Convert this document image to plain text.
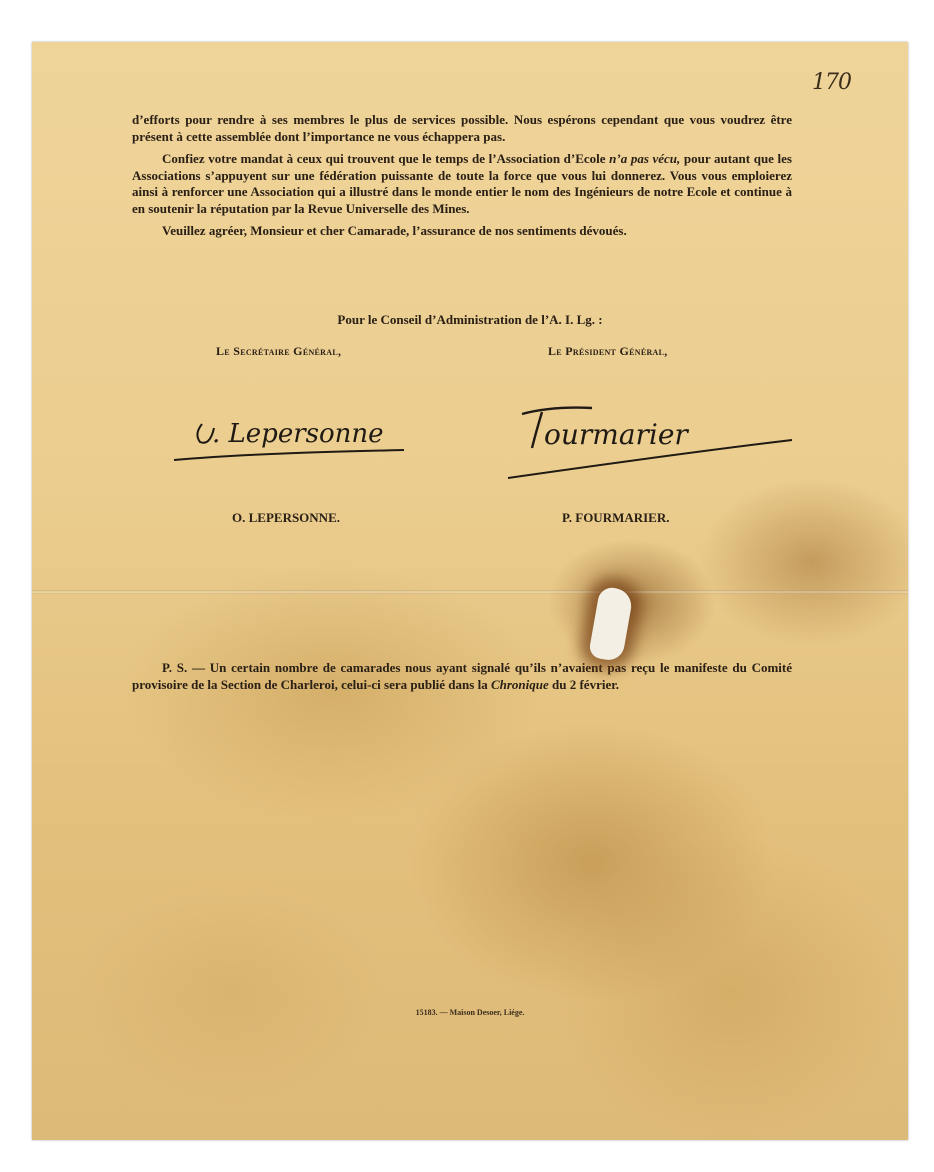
170

d’efforts pour rendre à ses membres le plus de services possible. Nous espérons cependant que vous voudrez être présent à cette assemblée dont l’importance ne vous échappera pas.

Confiez votre mandat à ceux qui trouvent que le temps de l’Association d’Ecole n’a pas vécu, pour autant que les Associations s’appuyent sur une fédération puissante de toute la force que vous lui donnerez. Vous vous emploierez ainsi à renforcer une Association qui a illustré dans le monde entier le nom des Ingénieurs de notre Ecole et continue à en soutenir la réputation par la Revue Universelle des Mines.

Veuillez agréer, Monsieur et cher Camarade, l’assurance de nos sentiments dévoués.

Pour le Conseil d’Administration de l’A. I. Lg. :
Le Secrétaire Général,	Le Président Général,
. Lepersonne	ourmarier
O. LEPERSONNE.	P. FOURMARIER.

P. S. — Un certain nombre de camarades nous ayant signalé qu’ils n’avaient pas reçu le manifeste du Comité provisoire de la Section de Charleroi, celui-ci sera publié dans la Chronique du 2 février.

15183. — Maison Desoer, Liége.
